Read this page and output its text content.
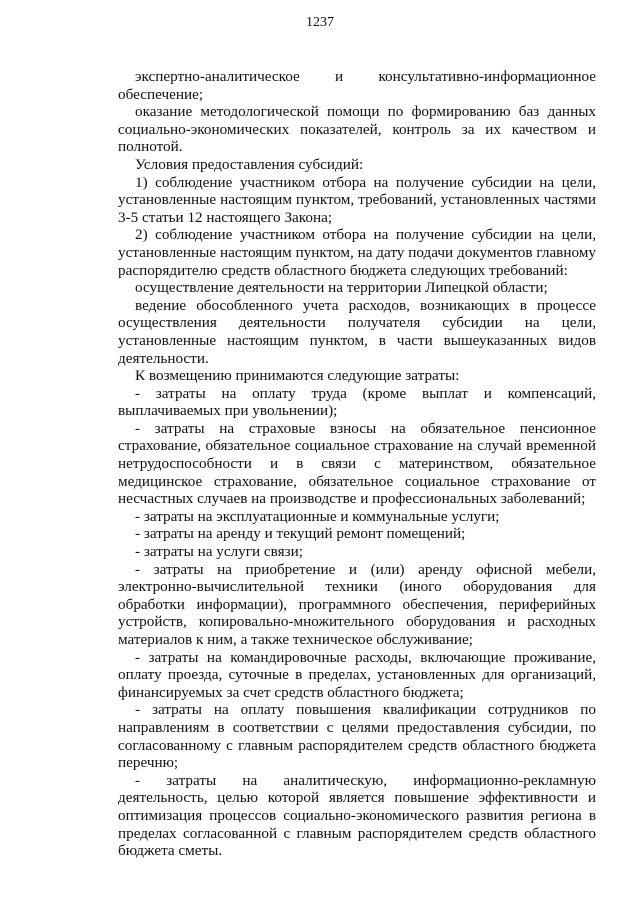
1237

экспертно-аналитическое и консультативно-информационное обеспечение;

оказание методологической помощи по формированию баз данных социально-экономических показателей, контроль за их качеством и полнотой.

Условия предоставления субсидий:

1) соблюдение участником отбора на получение субсидии на цели, установленные настоящим пунктом, требований, установленных частями 3-5 статьи 12 настоящего Закона;

2) соблюдение участником отбора на получение субсидии на цели, установленные настоящим пунктом, на дату подачи документов главному распорядителю средств областного бюджета следующих требований:

осуществление деятельности на территории Липецкой области;

ведение обособленного учета расходов, возникающих в процессе осуществления деятельности получателя субсидии на цели, установленные настоящим пунктом, в части вышеуказанных видов деятельности.

К возмещению принимаются следующие затраты:

- затраты на оплату труда (кроме выплат и компенсаций, выплачиваемых при увольнении);

- затраты на страховые взносы на обязательное пенсионное страхование, обязательное социальное страхование на случай временной нетрудоспособности и в связи с материнством, обязательное медицинское страхование, обязательное социальное страхование от несчастных случаев на производстве и профессиональных заболеваний;

- затраты на эксплуатационные и коммунальные услуги;

- затраты на аренду и текущий ремонт помещений;

- затраты на услуги связи;

- затраты на приобретение и (или) аренду офисной мебели, электронно-вычислительной техники (иного оборудования для обработки информации), программного обеспечения, периферийных устройств, копировально-множительного оборудования и расходных материалов к ним, а также техническое обслуживание;

- затраты на командировочные расходы, включающие проживание, оплату проезда, суточные в пределах, установленных для организаций, финансируемых за счет средств областного бюджета;

- затраты на оплату повышения квалификации сотрудников по направлениям в соответствии с целями предоставления субсидии, по согласованному с главным распорядителем средств областного бюджета перечню;

- затраты на аналитическую, информационно-рекламную деятельность, целью которой является повышение эффективности и оптимизация процессов социально-экономического развития региона в пределах согласованной с главным распорядителем средств областного бюджета сметы.
